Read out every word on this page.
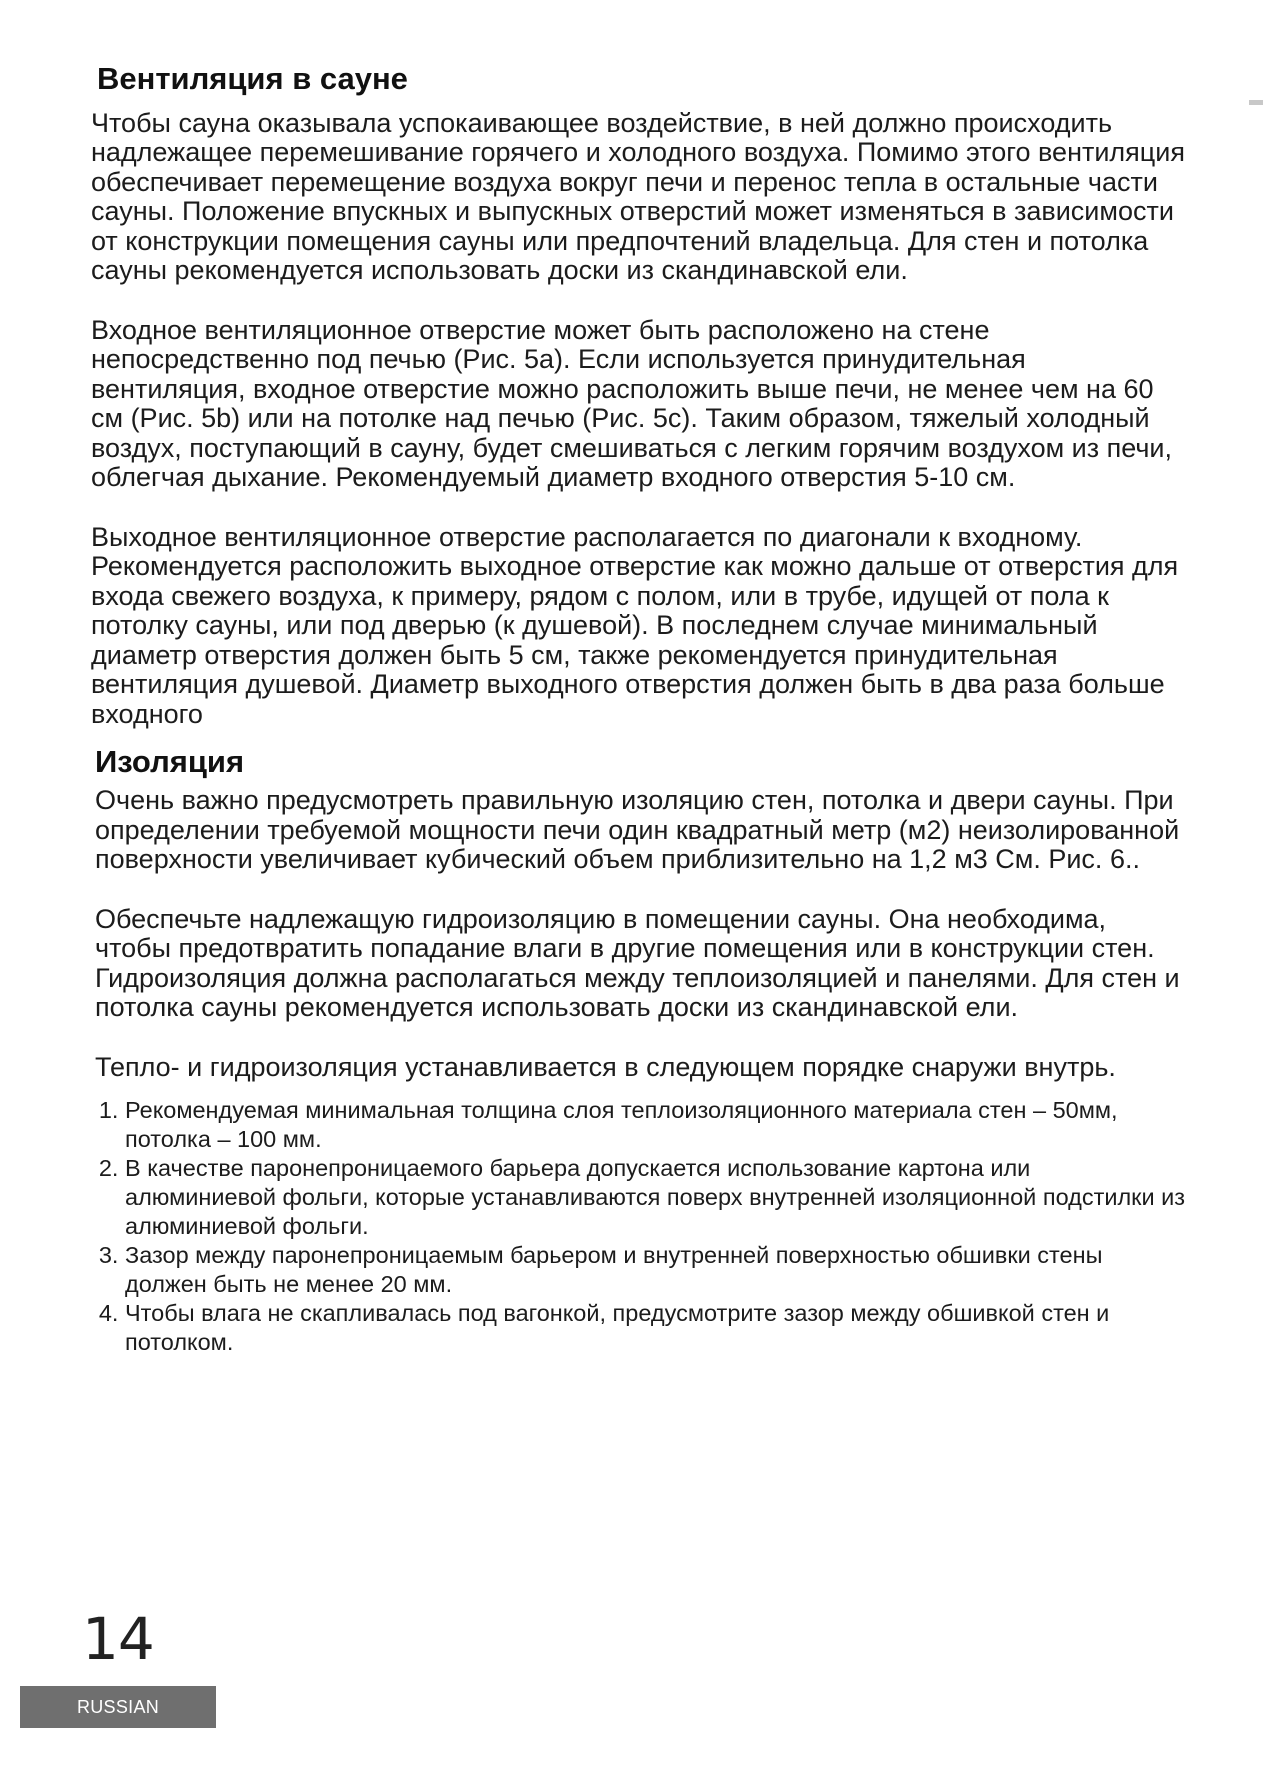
Вентиляция в сауне

Чтобы сауна оказывала успокаивающее воздействие, в ней должно происходить надлежащее перемешивание горячего и холодного воздуха. Помимо этого вентиляция обеспечивает перемещение воздуха вокруг печи и перенос тепла в остальные части сауны. Положение впускных и выпускных отверстий может изменяться в зависимости от конструкции помещения сауны или предпочтений владельца. Для стен и потолка сауны рекомендуется использовать доски из скандинавской ели.

Входное вентиляционное отверстие может быть расположено на стене непосредственно под печью (Рис. 5a). Если используется принудительная вентиляция, входное отверстие можно расположить выше печи, не менее чем на 60 см (Рис. 5b) или на потолке над печью (Рис. 5c). Таким образом, тяжелый холодный воздух, поступающий в сауну, будет смешиваться с легким горячим воздухом из печи, облегчая дыхание. Рекомендуемый диаметр входного отверстия 5-10 см.

Выходное вентиляционное отверстие располагается по диагонали к входному. Рекомендуется расположить выходное отверстие как можно дальше от отверстия для входа свежего воздуха, к примеру, рядом с полом, или в трубе, идущей от пола к потолку сауны, или под дверью (к душевой). В последнем случае минимальный диаметр отверстия должен быть 5 см, также рекомендуется принудительная вентиляция душевой. Диаметр выходного отверстия должен быть в два раза больше входного

Изоляция

Очень важно предусмотреть правильную изоляцию стен, потолка и двери сауны. При определении требуемой мощности печи один квадратный метр (м2) неизолированной поверхности увеличивает кубический объем приблизительно на 1,2 м3 См. Рис. 6..

Обеспечьте надлежащую гидроизоляцию в помещении сауны. Она необходима, чтобы предотвратить попадание влаги в другие помещения или в конструкции стен. Гидроизоляция должна располагаться между теплоизоляцией и панелями. Для стен и потолка сауны рекомендуется использовать доски из скандинавской ели.

Тепло- и гидроизоляция устанавливается в следующем порядке снаружи внутрь.

1. Рекомендуемая минимальная толщина слоя теплоизоляционного материала стен – 50мм, потолка – 100 мм.
2. В качестве паронепроницаемого барьера допускается использование картона или алюминиевой фольги, которые устанавливаются поверх внутренней изоляционной подстилки из алюминиевой фольги.
3. Зазор между паронепроницаемым барьером и внутренней поверхностью обшивки стены должен быть не менее 20 мм.
4. Чтобы влага не скапливалась под вагонкой, предусмотрите зазор между обшивкой стен и потолком.
14
RUSSIAN
